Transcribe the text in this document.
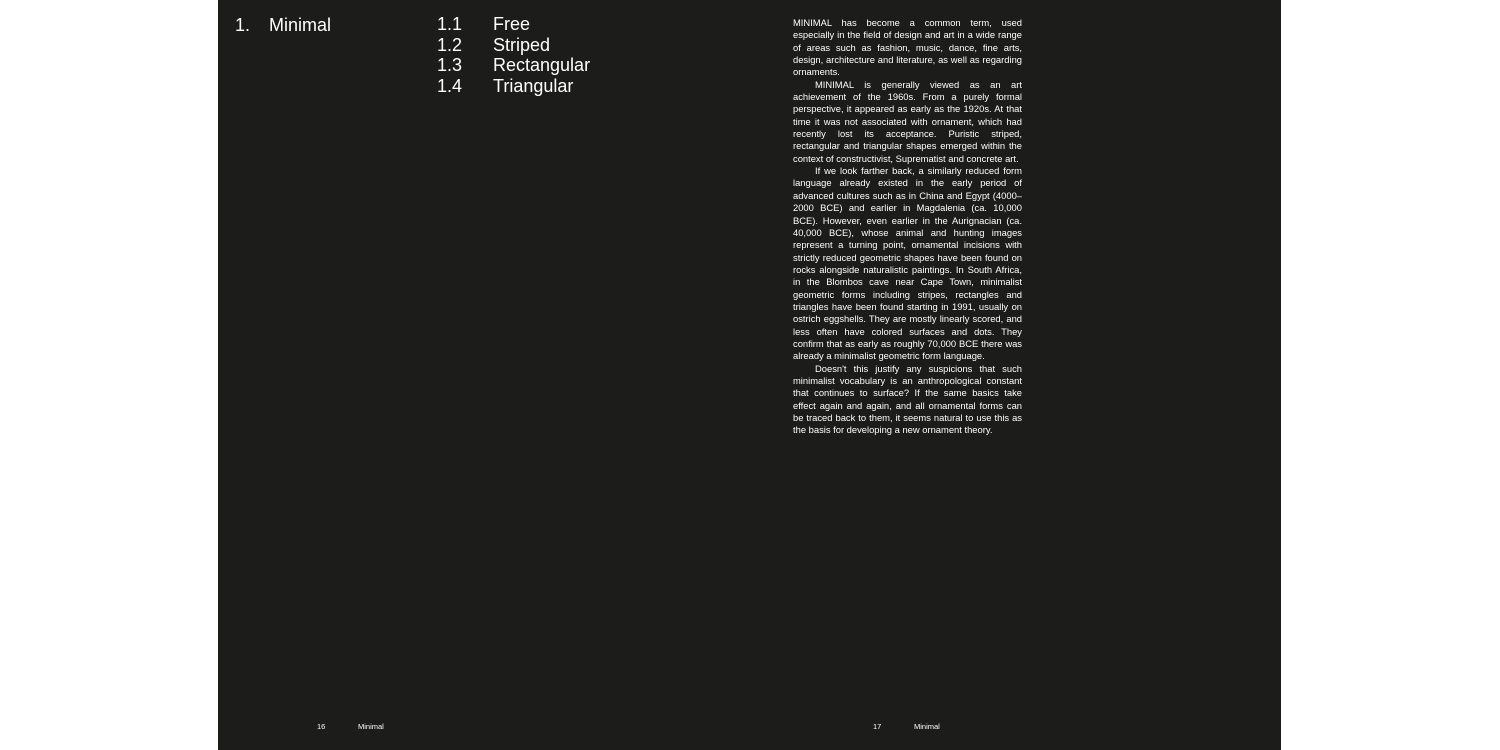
1. Minimal	1.1	Free
1.2	Striped
1.3	Rectangular
1.4	Triangular

MINIMAL has become a common term, used especially in the field of design and art in a wide range of areas such as fashion, music, dance, fine arts, design, architecture and literature, as well as regarding ornaments.

MINIMAL is generally viewed as an art achievement of the 1960s. From a purely formal perspective, it appeared as early as the 1920s. At that time it was not associated with ornament, which had recently lost its acceptance. Puristic striped, rectangular and triangular shapes emerged within the context of constructivist, Suprematist and concrete art.

If we look farther back, a similarly reduced form language already existed in the early period of advanced cultures such as in China and Egypt (4000–2000 BCE) and earlier in Magdalenia (ca. 10,000 BCE). However, even earlier in the Aurignacian (ca. 40,000 BCE), whose animal and hunting images represent a turning point, ornamental incisions with strictly reduced geometric shapes have been found on rocks alongside naturalistic paintings. In South Africa, in the Blombos cave near Cape Town, minimalist geometric forms including stripes, rectangles and triangles have been found starting in 1991, usually on ostrich eggshells. They are mostly linearly scored, and less often have colored surfaces and dots. They confirm that as early as roughly 70,000 BCE there was already a minimalist geometric form language.

Doesn't this justify any suspicions that such minimalist vocabulary is an anthropological constant that continues to surface? If the same basics take effect again and again, and all ornamental forms can be traced back to them, it seems natural to use this as the basis for developing a new ornament theory.

16	Minimal	17	Minimal
